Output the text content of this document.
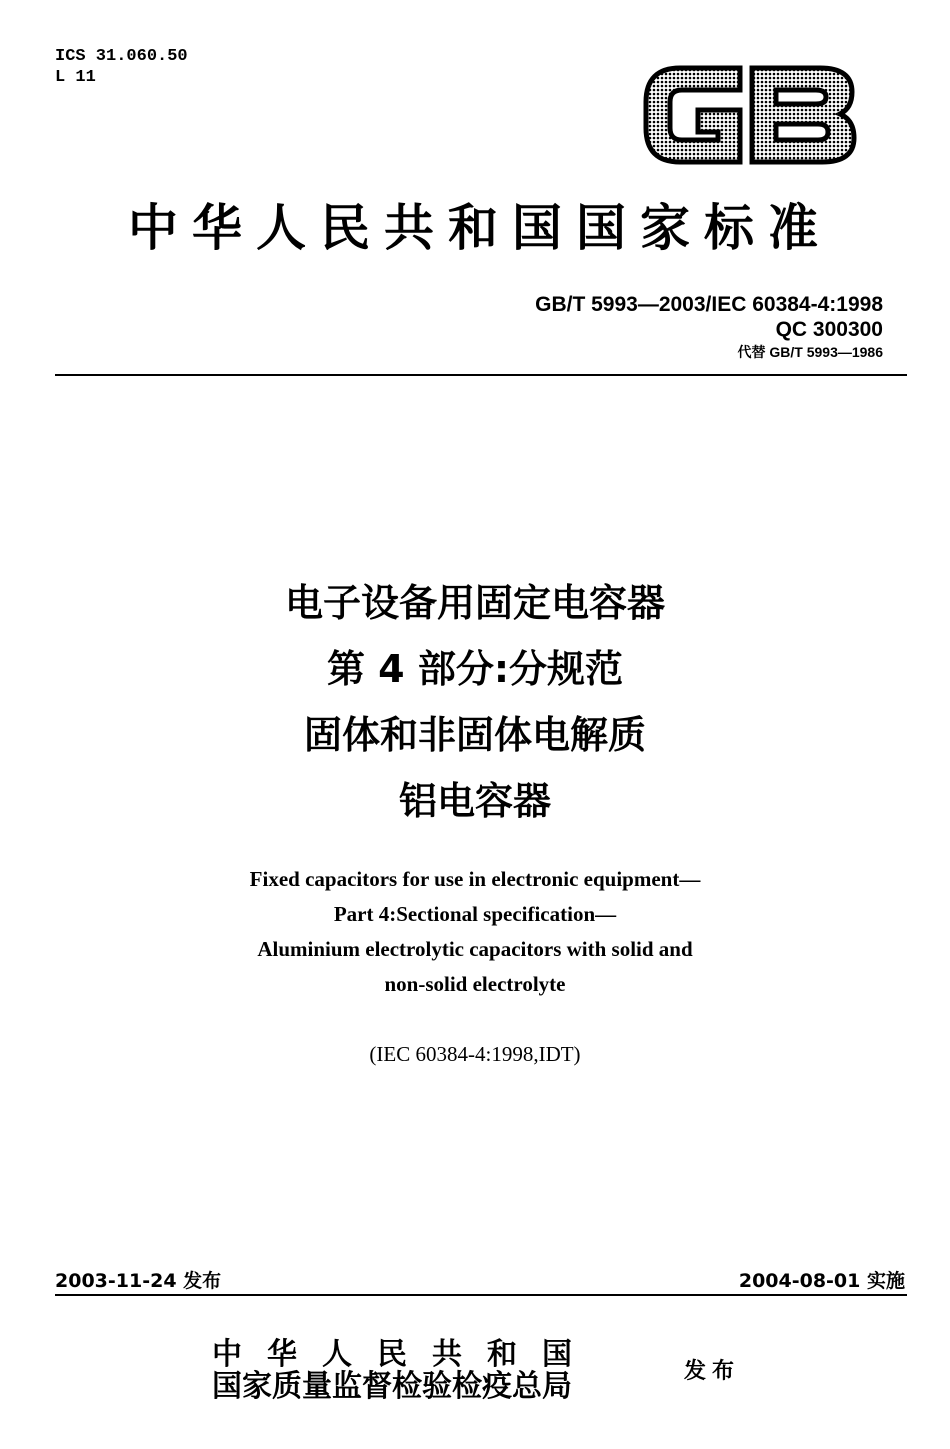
ICS 31.060.50
L 11
中华人民共和国国家标准
GB/T 5993—2003/IEC 60384-4:1998
QC 300300
代替 GB/T 5993—1986
电子设备用固定电容器
第 4 部分:分规范
固体和非固体电解质
铝电容器
Fixed capacitors for use in electronic equipment—
Part 4:Sectional specification—
Aluminium electrolytic capacitors with solid and
non-solid electrolyte
(IEC 60384-4:1998,IDT)
2003-11-24 发布	2004-08-01 实施
中华人民共和国
国家质量监督检验检疫总局	发布
